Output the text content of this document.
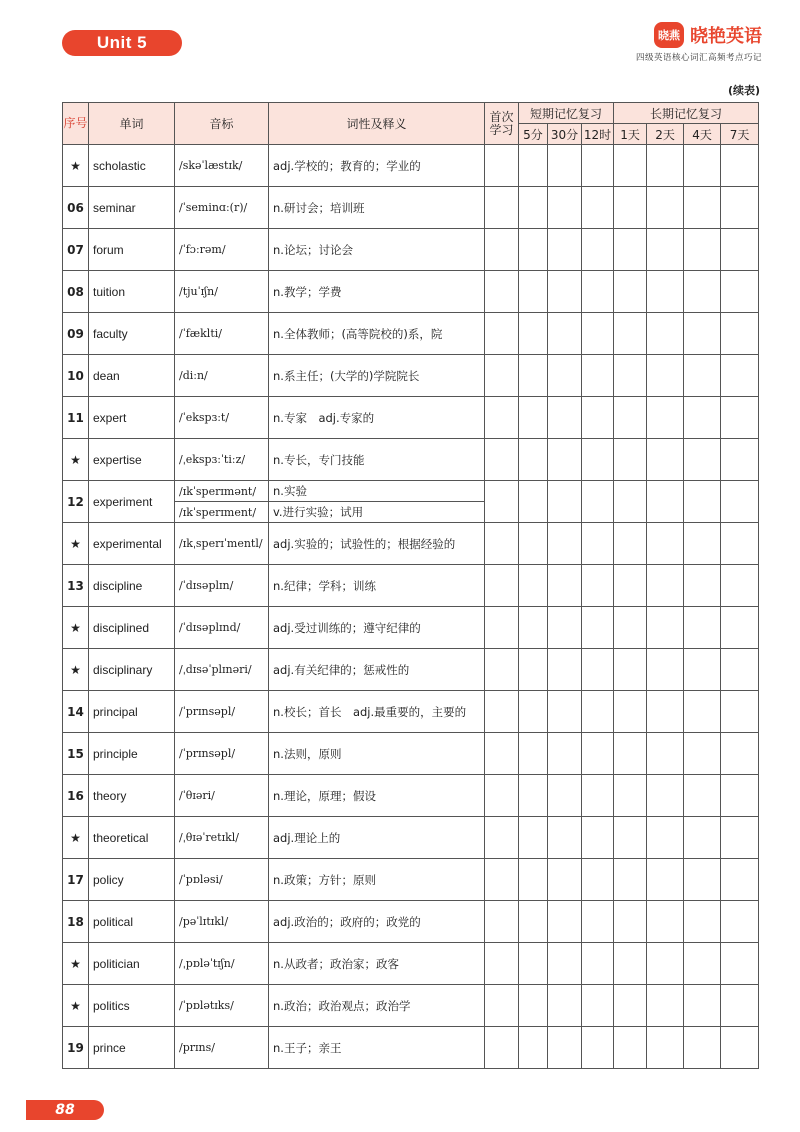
Unit 5	晓燕 晓艳英语
四级英语核心词汇高频考点巧记
(续表)
序号	单词	音标	词性及释义	首次学习	短期记忆复习			长期记忆复习			
					5分	30分	12时	1天	2天	4天	7天
★	scholastic	/skəˈlæstɪk/	adj.学校的；教育的；学业的								
06	seminar	/ˈseminɑː(r)/	n.研讨会；培训班								
07	forum	/ˈfɔːrəm/	n.论坛；讨论会								
08	tuition	/tjuˈɪʃn/	n.教学；学费								
09	faculty	/ˈfæklti/	n.全体教师；(高等院校的)系，院								
10	dean	/diːn/	n.系主任；(大学的)学院院长								
11	expert	/ˈekspɜːt/	n.专家　adj.专家的								
★	expertise	/ˌekspɜːˈtiːz/	n.专长，专门技能								
12	experiment	/ɪkˈsperɪmənt/	n.实验								
		/ɪkˈsperɪment/	v.进行实验；试用								
★	experimental	/ɪkˌsperɪˈmentl/	adj.实验的；试验性的；根据经验的								
13	discipline	/ˈdɪsəplɪn/	n.纪律；学科；训练								
★	disciplined	/ˈdɪsəplɪnd/	adj.受过训练的；遵守纪律的								
★	disciplinary	/ˌdɪsəˈplɪnəri/	adj.有关纪律的；惩戒性的								
14	principal	/ˈprɪnsəpl/	n.校长；首长　adj.最重要的，主要的								
15	principle	/ˈprɪnsəpl/	n.法则，原则								
16	theory	/ˈθɪəri/	n.理论，原理；假设								
★	theoretical	/ˌθɪəˈretɪkl/	adj.理论上的								
17	policy	/ˈpɒləsi/	n.政策；方针；原则								
18	political	/pəˈlɪtɪkl/	adj.政治的；政府的；政党的								
★	politician	/ˌpɒləˈtɪʃn/	n.从政者；政治家；政客								
★	politics	/ˈpɒlətɪks/	n.政治；政治观点；政治学								
19	prince	/prɪns/	n.王子；亲王								
88
